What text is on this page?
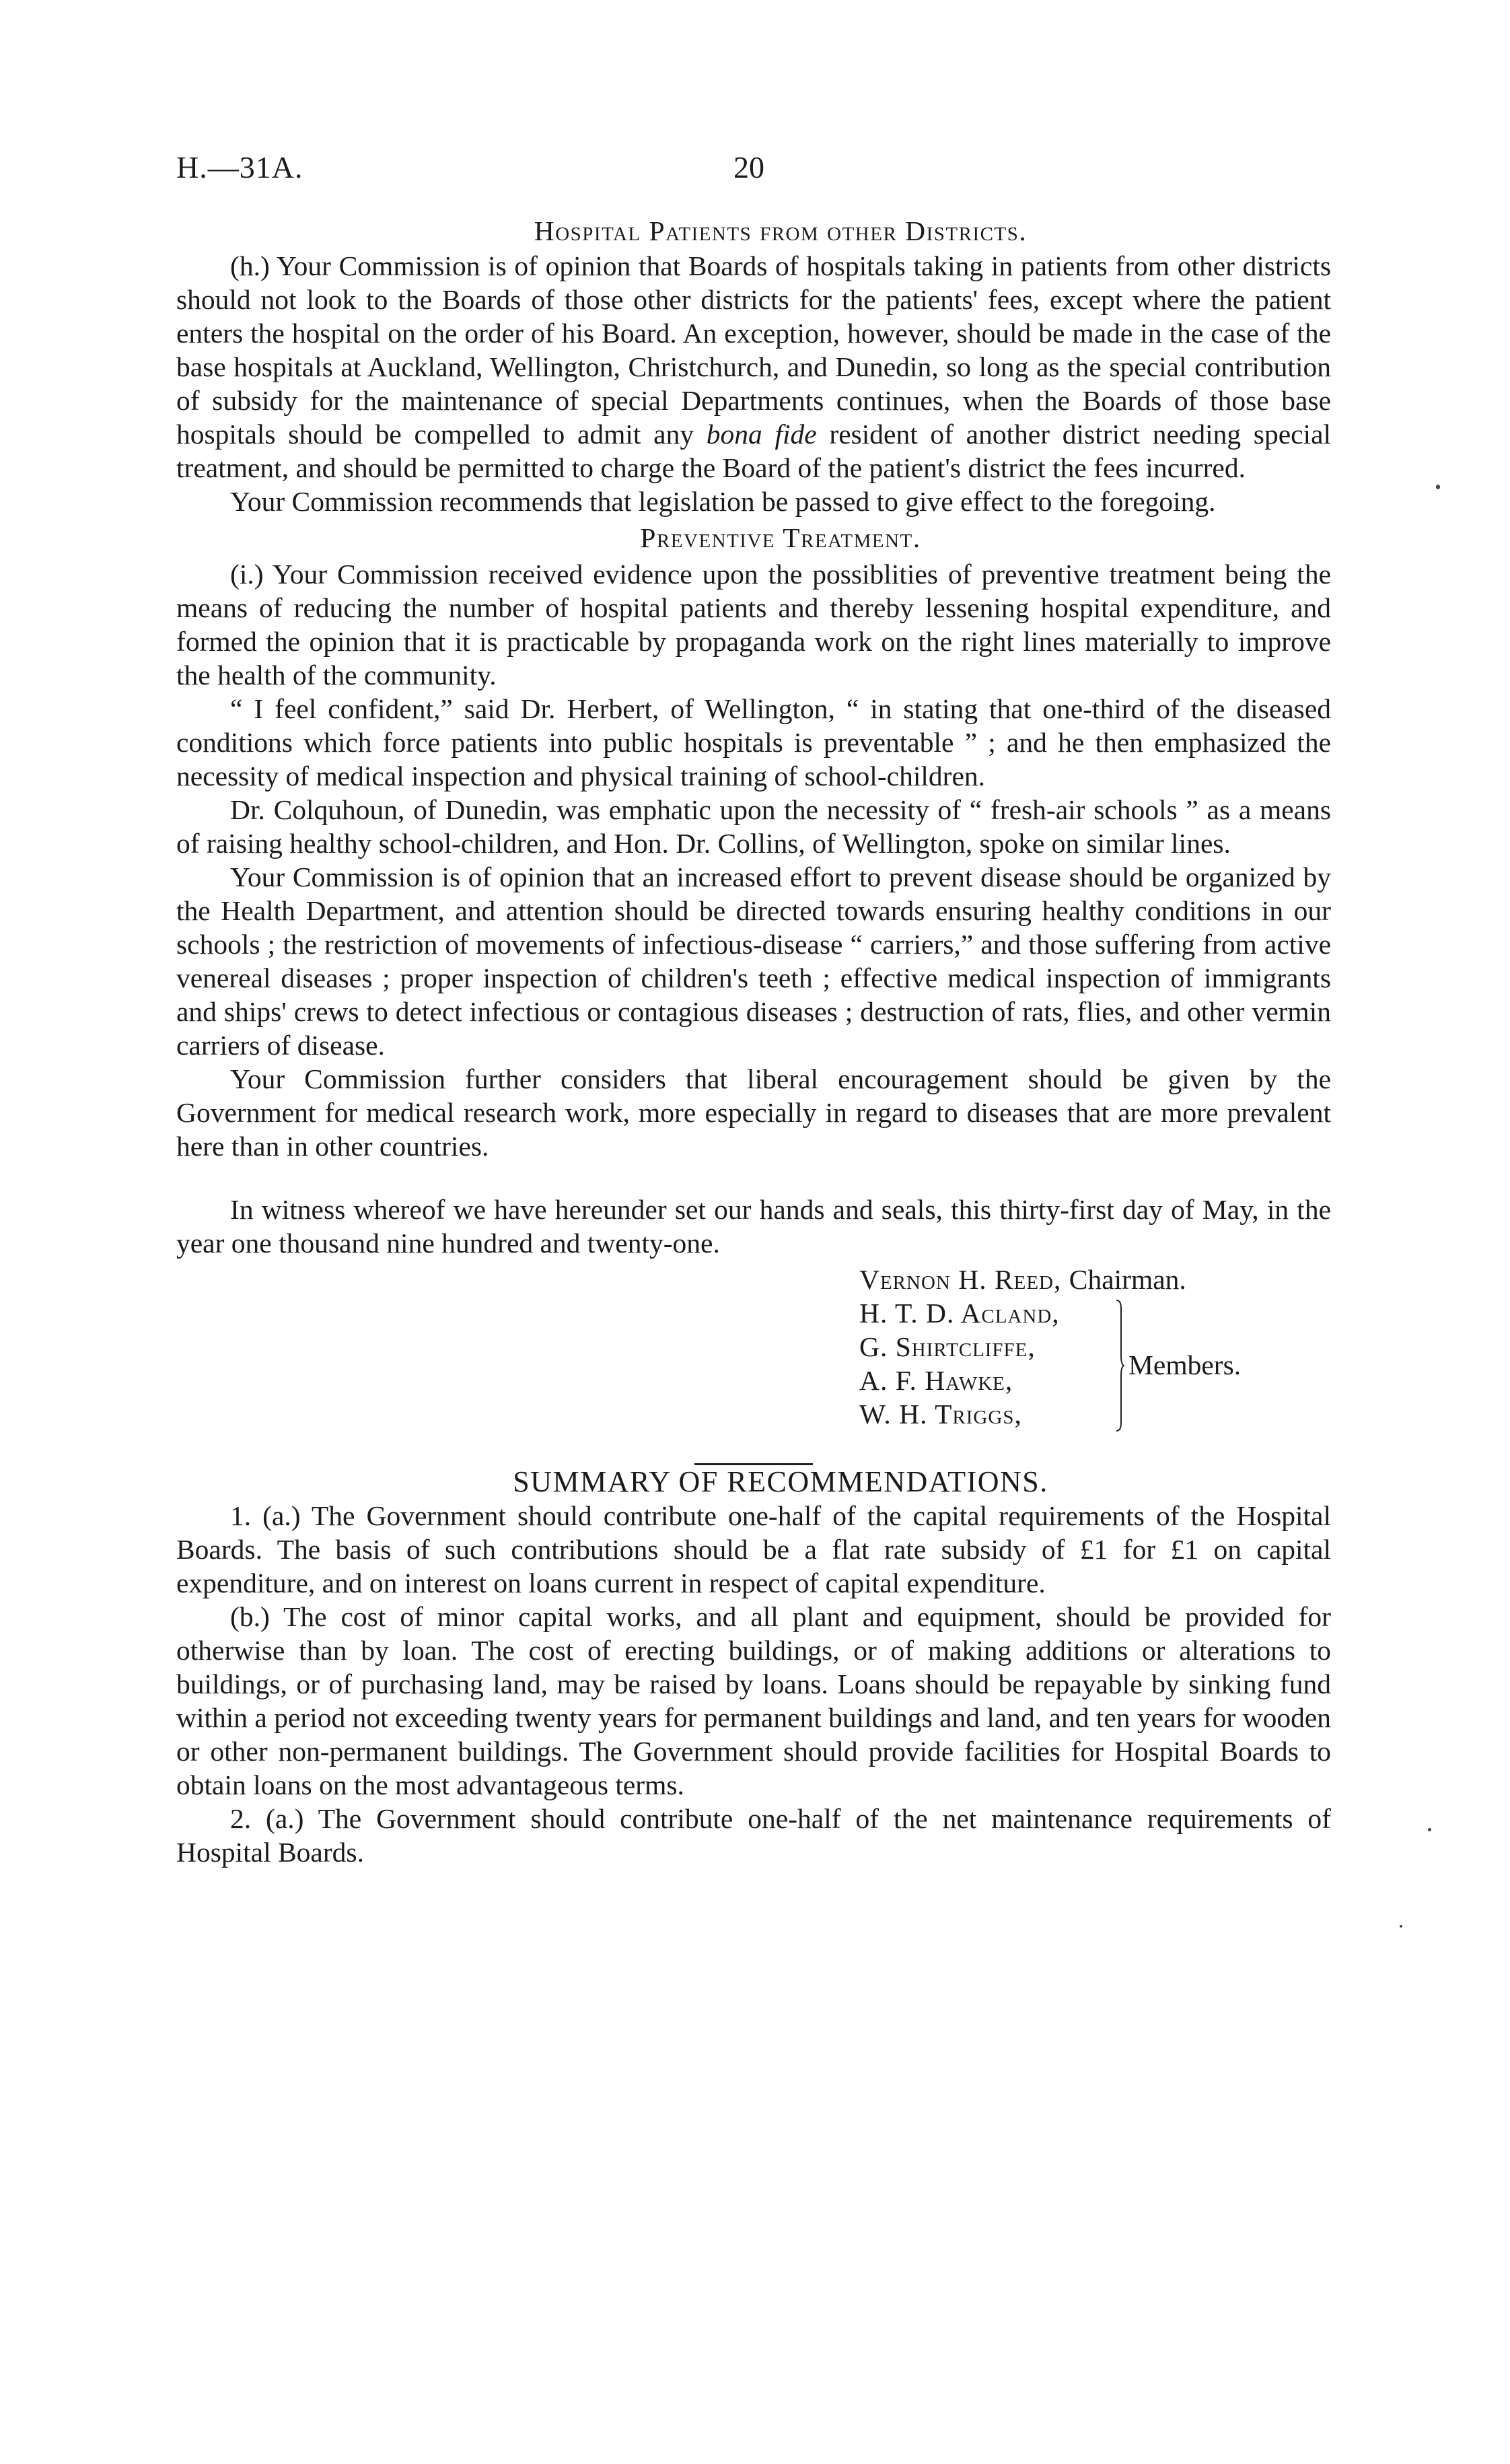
H.—31A.	20

Hospital Patients from other Districts.

(h.) Your Commission is of opinion that Boards of hospitals taking in patients from other districts should not look to the Boards of those other districts for the patients' fees, except where the patient enters the hospital on the order of his Board. An exception, however, should be made in the case of the base hospitals at Auckland, Wellington, Christchurch, and Dunedin, so long as the special contribution of subsidy for the maintenance of special Departments continues, when the Boards of those base hospitals should be compelled to admit any bona fide resident of another district needing special treatment, and should be permitted to charge the Board of the patient's district the fees incurred.

Your Commission recommends that legislation be passed to give effect to the foregoing.

Preventive Treatment.

(i.) Your Commission received evidence upon the possiblities of preventive treatment being the means of reducing the number of hospital patients and thereby lessening hospital expenditure, and formed the opinion that it is practicable by propaganda work on the right lines materially to improve the health of the community.

“ I feel confident,” said Dr. Herbert, of Wellington, “ in stating that one-third of the diseased conditions which force patients into public hospitals is preventable ” ; and he then emphasized the necessity of medical inspection and physical training of school-children.

Dr. Colquhoun, of Dunedin, was emphatic upon the necessity of “ fresh-air schools ” as a means of raising healthy school-children, and Hon. Dr. Collins, of Wellington, spoke on similar lines.

Your Commission is of opinion that an increased effort to prevent disease should be organized by the Health Department, and attention should be directed towards ensuring healthy conditions in our schools ; the restriction of movements of infectious-disease “ carriers,” and those suffering from active venereal diseases ; proper inspection of children's teeth ; effective medical inspection of immigrants and ships' crews to detect infectious or contagious diseases ; destruction of rats, flies, and other vermin carriers of disease.

Your Commission further considers that liberal encouragement should be given by the Government for medical research work, more especially in regard to diseases that are more prevalent here than in other countries.

In witness whereof we have hereunder set our hands and seals, this thirty-first day of May, in the year one thousand nine hundred and twenty-one.

Vernon H. Reed, Chairman.
H. T. D. Acland,
G. Shirtcliffe,
A. F. Hawke,
W. H. Triggs,
Members.

SUMMARY OF RECOMMENDATIONS.

1. (a.) The Government should contribute one-half of the capital requirements of the Hospital Boards. The basis of such contributions should be a flat rate subsidy of £1 for £1 on capital expenditure, and on interest on loans current in respect of capital expenditure.

(b.) The cost of minor capital works, and all plant and equipment, should be provided for otherwise than by loan. The cost of erecting buildings, or of making additions or alterations to buildings, or of purchasing land, may be raised by loans. Loans should be repayable by sinking fund within a period not exceeding twenty years for permanent buildings and land, and ten years for wooden or other non-permanent buildings. The Government should provide facilities for Hospital Boards to obtain loans on the most advantageous terms.

2. (a.) The Government should contribute one-half of the net maintenance requirements of Hospital Boards.
